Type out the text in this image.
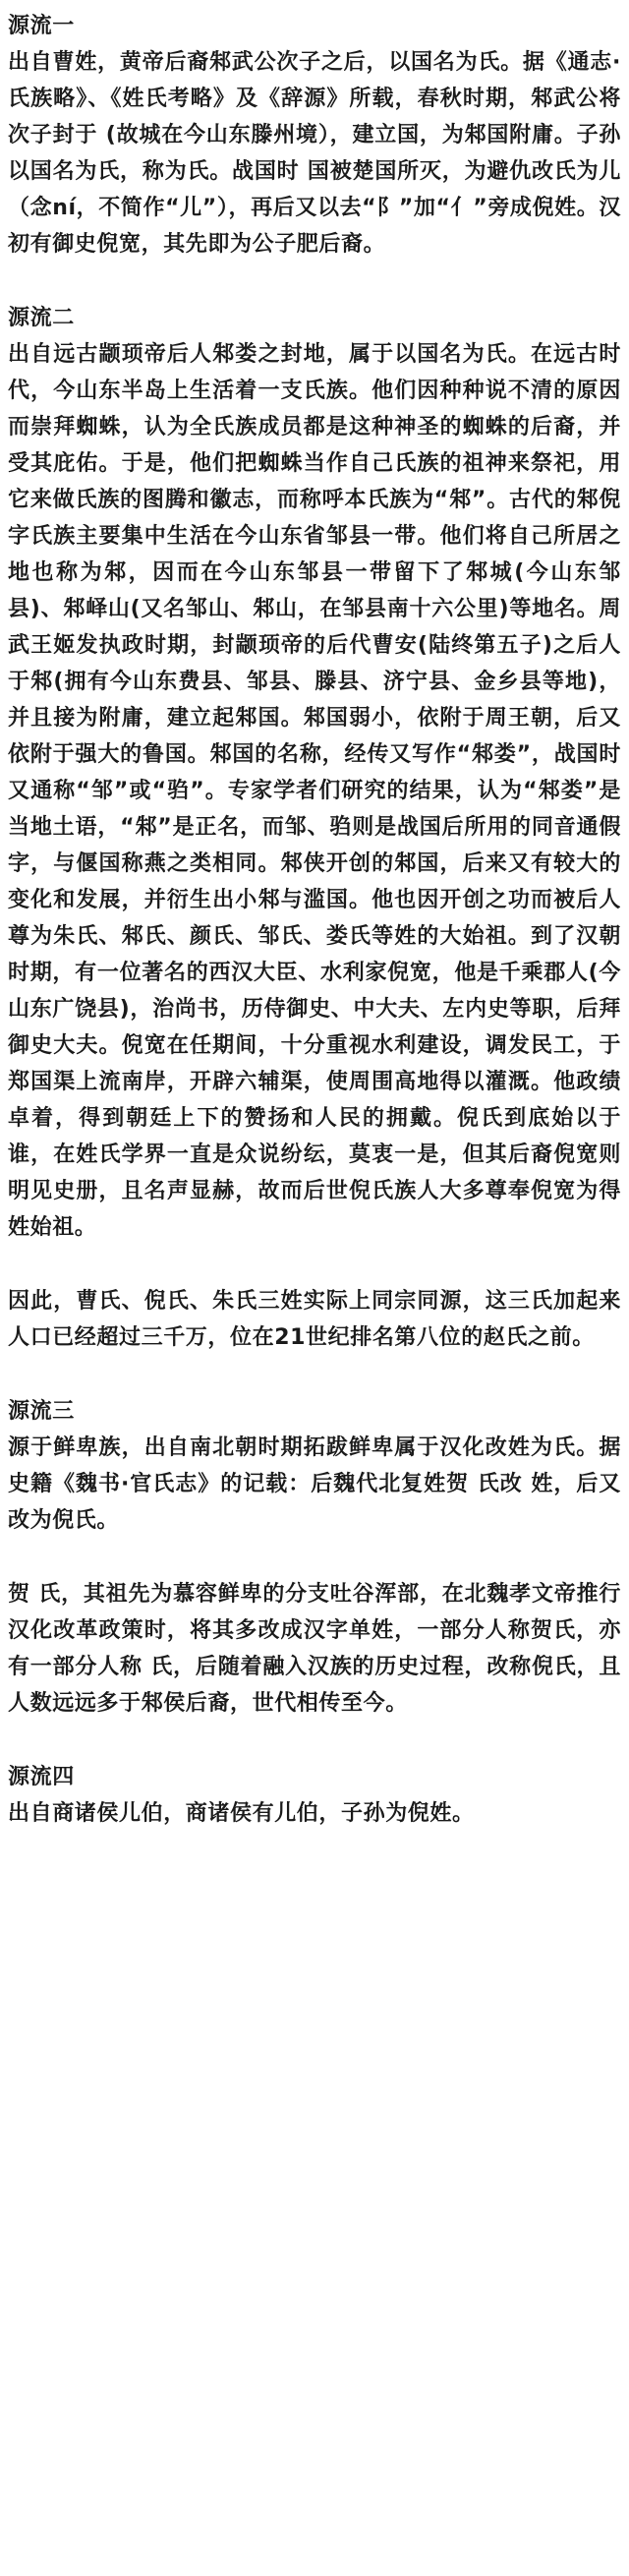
源流一

出自曹姓，黄帝后裔邾武公次子之后，以国名为氏。据《通志·氏族略》、《姓氏考略》及《辞源》所载，春秋时期，邾武公将次子封于 (故城在今山东滕州境），建立国，为邾国附庸。子孙以国名为氏，称为氏。战国时 国被楚国所灭，为避仇改氏为儿（念ní，不简作“儿”），再后又以去“阝”加“亻”旁成倪姓。汉初有御史倪宽，其先即为公子肥后裔。

源流二

出自远古颛顼帝后人邾娄之封地，属于以国名为氏。在远古时代，今山东半岛上生活着一支氏族。他们因种种说不清的原因而崇拜蜘蛛，认为全氏族成员都是这种神圣的蜘蛛的后裔，并受其庇佑。于是，他们把蜘蛛当作自己氏族的祖神来祭祀，用它来做氏族的图腾和徽志，而称呼本氏族为“邾”。古代的邾倪字氏族主要集中生活在今山东省邹县一带。他们将自己所居之地也称为邾，因而在今山东邹县一带留下了邾城(今山东邹县)、邾峄山(又名邹山、邾山，在邹县南十六公里)等地名。周武王姬发执政时期，封颛顼帝的后代曹安(陆终第五子)之后人于邾(拥有今山东费县、邹县、滕县、济宁县、金乡县等地)，并且接为附庸，建立起邾国。邾国弱小，依附于周王朝，后又依附于强大的鲁国。邾国的名称，经传又写作“邾娄”，战国时又通称“邹”或“驺”。专家学者们研究的结果，认为“邾娄”是当地土语，“邾”是正名，而邹、驺则是战国后所用的同音通假字，与偃国称燕之类相同。邾侠开创的邾国，后来又有较大的变化和发展，并衍生出小邾与滥国。他也因开创之功而被后人尊为朱氏、邾氏、颜氏、邹氏、娄氏等姓的大始祖。到了汉朝时期，有一位著名的西汉大臣、水利家倪宽，他是千乘郡人(今山东广饶县)，治尚书，历侍御史、中大夫、左内史等职，后拜御史大夫。倪宽在任期间，十分重视水利建设，调发民工，于郑国渠上流南岸，开辟六辅渠，使周围高地得以灌溉。他政绩卓着，得到朝廷上下的赞扬和人民的拥戴。倪氏到底始以于谁，在姓氏学界一直是众说纷纭，莫衷一是，但其后裔倪宽则明见史册，且名声显赫，故而后世倪氏族人大多尊奉倪宽为得姓始祖。

因此，曹氏、倪氏、朱氏三姓实际上同宗同源，这三氏加起来人口已经超过三千万，位在21世纪排名第八位的赵氏之前。

源流三

源于鲜卑族，出自南北朝时期拓跋鲜卑属于汉化改姓为氏。据史籍《魏书·官氏志》的记载：后魏代北复姓贺 氏改 姓，后又改为倪氏。

贺 氏，其祖先为慕容鲜卑的分支吐谷浑部，在北魏孝文帝推行汉化改革政策时，将其多改成汉字单姓，一部分人称贺氏，亦有一部分人称 氏，后随着融入汉族的历史过程，改称倪氏，且人数远远多于邾侯后裔，世代相传至今。

源流四

出自商诸侯儿伯，商诸侯有儿伯，子孙为倪姓。
